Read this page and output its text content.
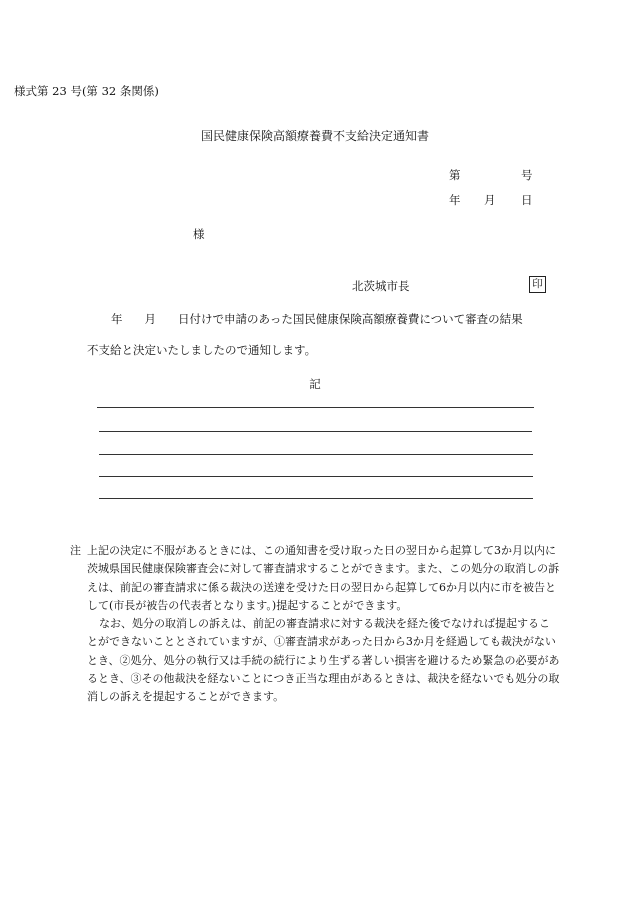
様式第 23 号(第 32 条関係)
国民健康保険高額療養費不支給決定通知書
第	号
年 月 日
様
北茨城市長	印
年 月 日付けで申請のあった国民健康保険高額療養費について審査の結果
不支給と決定いたしましたので通知します。
記

注 上記の決定に不服があるときには、この通知書を受け取った日の翌日から起算して3か月以内に茨城県国民健康保険審査会に対して審査請求することができます。また、この処分の取消しの訴えは、前記の審査請求に係る裁決の送達を受けた日の翌日から起算して6か月以内に市を被告として(市長が被告の代表者となります。)提起することができます。

なお、処分の取消しの訴えは、前記の審査請求に対する裁決を経た後でなければ提起することができないこととされていますが、①審査請求があった日から3か月を経過しても裁決がないとき、②処分、処分の執行又は手続の続行により生ずる著しい損害を避けるため緊急の必要があるとき、③その他裁決を経ないことにつき正当な理由があるときは、裁決を経ないでも処分の取消しの訴えを提起することができます。
